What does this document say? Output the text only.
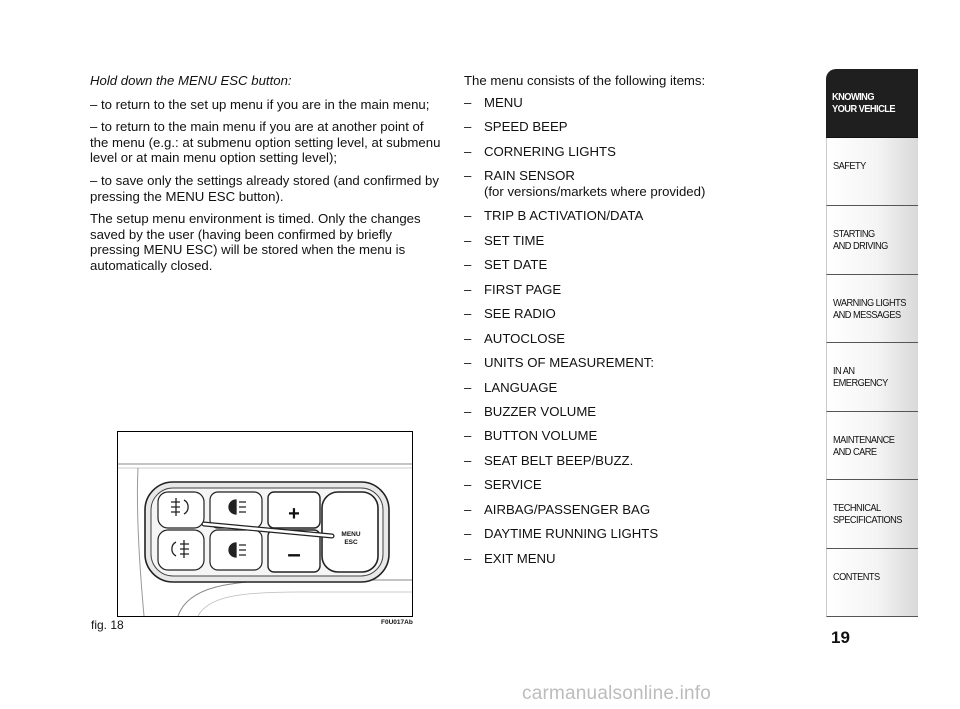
Hold down the MENU ESC button:

– to return to the set up menu if you are in the main menu;

– to return to the main menu if you are at another point of the menu (e.g.: at submenu option setting level, at submenu level or at main menu option setting level);

– to save only the settings already stored (and confirmed by pressing the MENU ESC button).

The setup menu environment is timed. Only the changes saved by the user (having been confirmed by briefly pressing MENU ESC) will be stored when the menu is automatically closed.

The menu consists of the following items:

– MENU
– SPEED BEEP
– CORNERING LIGHTS
– RAIN SENSOR
(for versions/markets where provided)
– TRIP B ACTIVATION/DATA
– SET TIME
– SET DATE
– FIRST PAGE
– SEE RADIO
– AUTOCLOSE
– UNITS OF MEASUREMENT:
– LANGUAGE
– BUZZER VOLUME
– BUTTON VOLUME
– SEAT BELT BEEP/BUZZ.
– SERVICE
– AIRBAG/PASSENGER BAG
– DAYTIME RUNNING LIGHTS
– EXIT MENU
+
–
MENU
ESC
fig. 18	F0U017Ab
KNOWING
YOUR VEHICLE
SAFETY
STARTING
AND DRIVING
WARNING LIGHTS
AND MESSAGES
IN AN
EMERGENCY
MAINTENANCE
AND CARE
TECHNICAL
SPECIFICATIONS
CONTENTS
19
carmanualsonline.info
